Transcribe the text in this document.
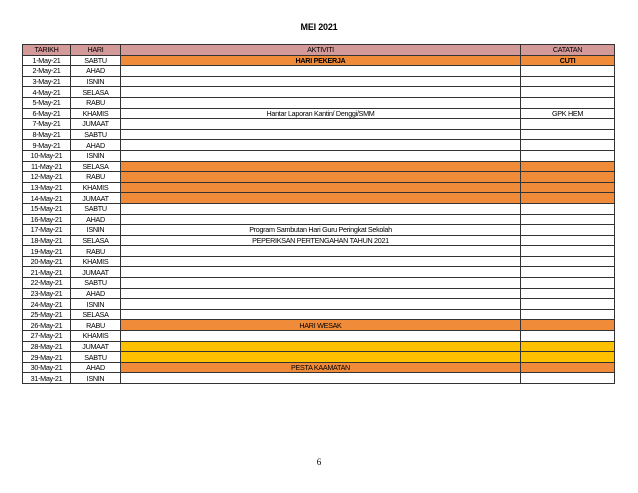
MEI 2021
TARIKH	HARI	AKTIVITI	CATATAN
1-May-21	SABTU	HARI PEKERJA	CUTI
2-May-21	AHAD		
3-May-21	ISNIN		
4-May-21	SELASA		
5-May-21	RABU		
6-May-21	KHAMIS	Hantar Laporan Kantin/ Denggi/SMM	GPK HEM
7-May-21	JUMAAT		
8-May-21	SABTU		
9-May-21	AHAD		
10-May-21	ISNIN		
11-May-21	SELASA		
12-May-21	RABU		
13-May-21	KHAMIS		
14-May-21	JUMAAT		
15-May-21	SABTU		
16-May-21	AHAD		
17-May-21	ISNIN	Program Sambutan Hari Guru Peringkat Sekolah	
18-May-21	SELASA	PEPERIKSAN PERTENGAHAN TAHUN 2021	
19-May-21	RABU		
20-May-21	KHAMIS		
21-May-21	JUMAAT		
22-May-21	SABTU		
23-May-21	AHAD		
24-May-21	ISNIN		
25-May-21	SELASA		
26-May-21	RABU	HARI WESAK	
27-May-21	KHAMIS		
28-May-21	JUMAAT		
29-May-21	SABTU		
30-May-21	AHAD	PESTA KAAMATAN	
31-May-21	ISNIN		
6
